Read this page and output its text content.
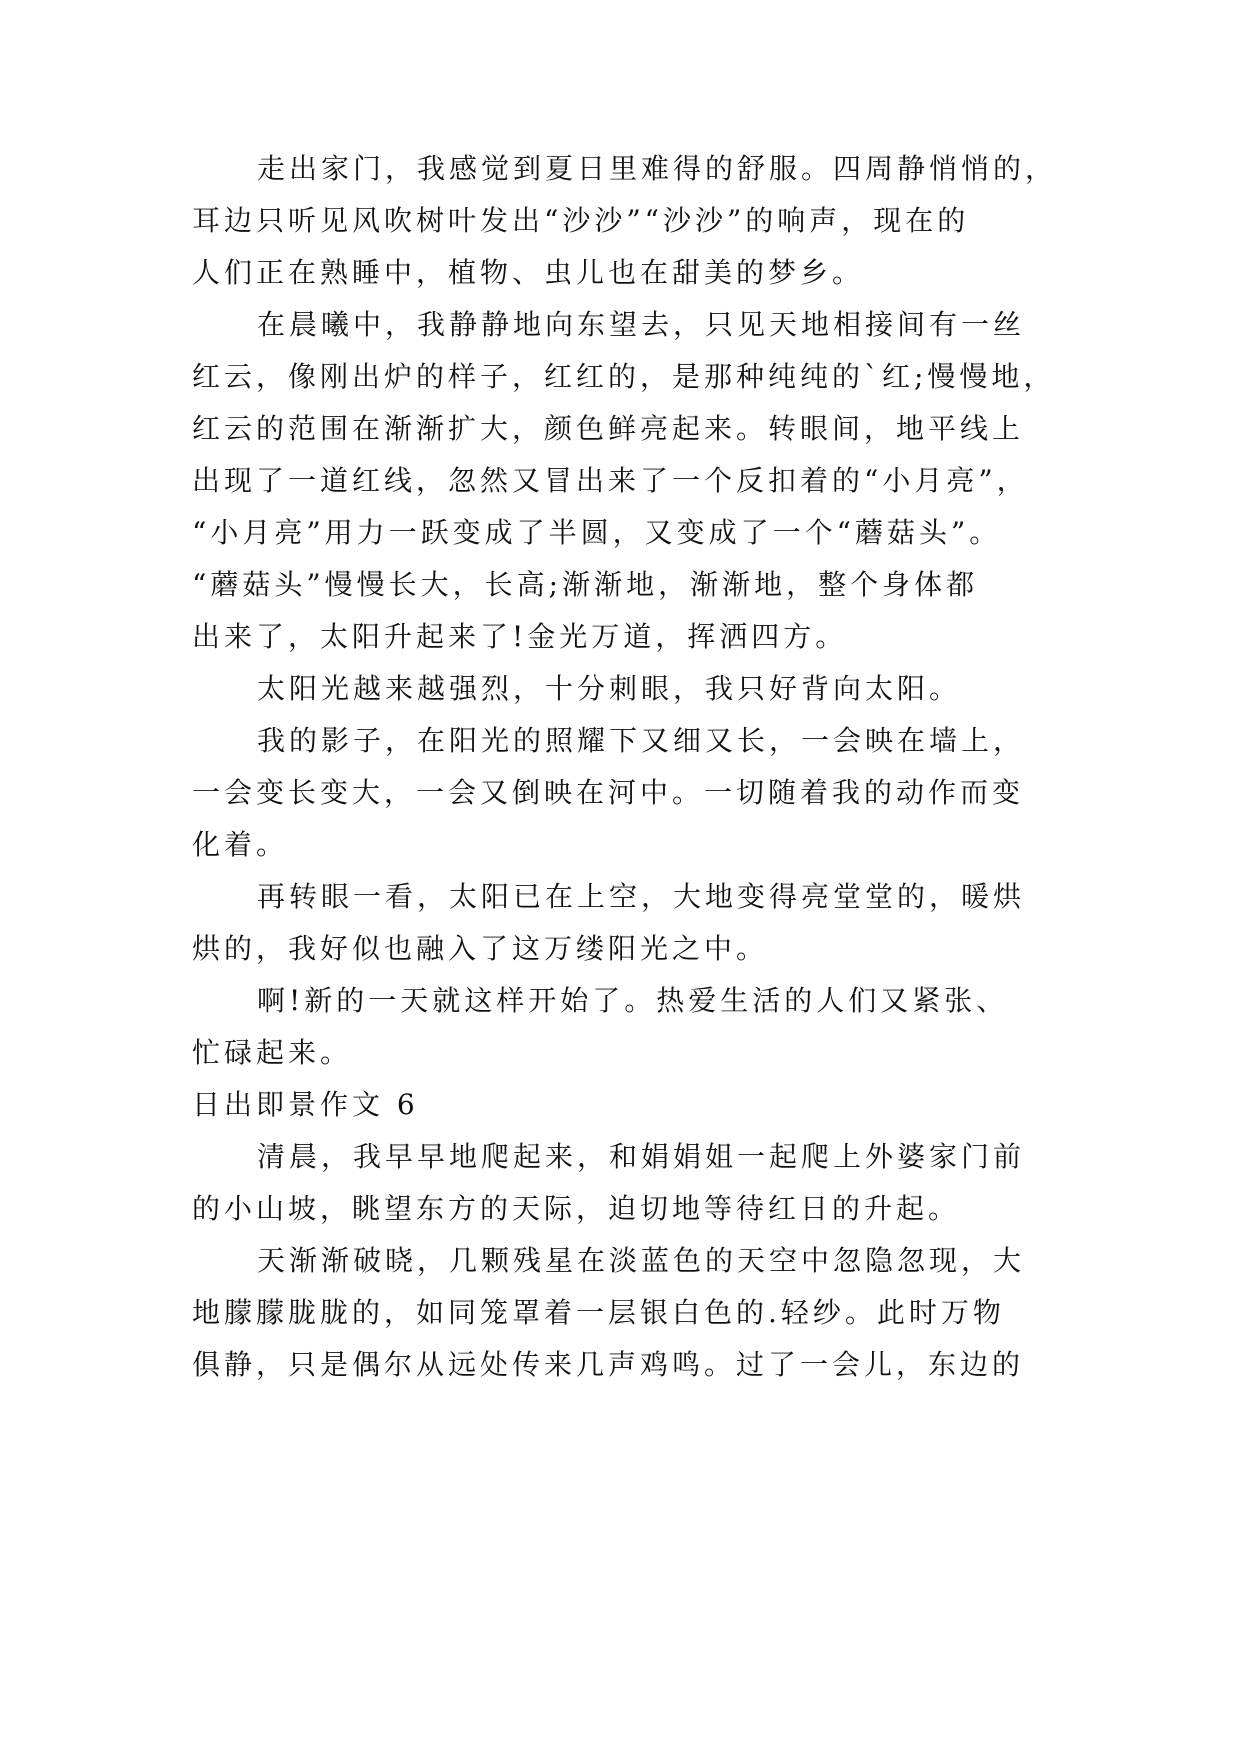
走出家门，我感觉到夏日里难得的舒服。四周静悄悄的，
耳边只听见风吹树叶发出“沙沙”“沙沙”的响声，现在的
人们正在熟睡中，植物、虫儿也在甜美的梦乡。
在晨曦中，我静静地向东望去，只见天地相接间有一丝
红云，像刚出炉的样子，红红的，是那种纯纯的`红;慢慢地，
红云的范围在渐渐扩大，颜色鲜亮起来。转眼间，地平线上
出现了一道红线，忽然又冒出来了一个反扣着的“小月亮”，
“小月亮”用力一跃变成了半圆，又变成了一个“蘑菇头”。
“蘑菇头”慢慢长大，长高;渐渐地，渐渐地，整个身体都
出来了，太阳升起来了!金光万道，挥洒四方。
太阳光越来越强烈，十分刺眼，我只好背向太阳。
我的影子，在阳光的照耀下又细又长，一会映在墙上，
一会变长变大，一会又倒映在河中。一切随着我的动作而变
化着。
再转眼一看，太阳已在上空，大地变得亮堂堂的，暖烘
烘的，我好似也融入了这万缕阳光之中。
啊!新的一天就这样开始了。热爱生活的人们又紧张、
忙碌起来。
日出即景作文 6
清晨，我早早地爬起来，和娟娟姐一起爬上外婆家门前
的小山坡，眺望东方的天际，迫切地等待红日的升起。
天渐渐破晓，几颗残星在淡蓝色的天空中忽隐忽现，大
地朦朦胧胧的，如同笼罩着一层银白色的.轻纱。此时万物
俱静，只是偶尔从远处传来几声鸡鸣。过了一会儿，东边的
